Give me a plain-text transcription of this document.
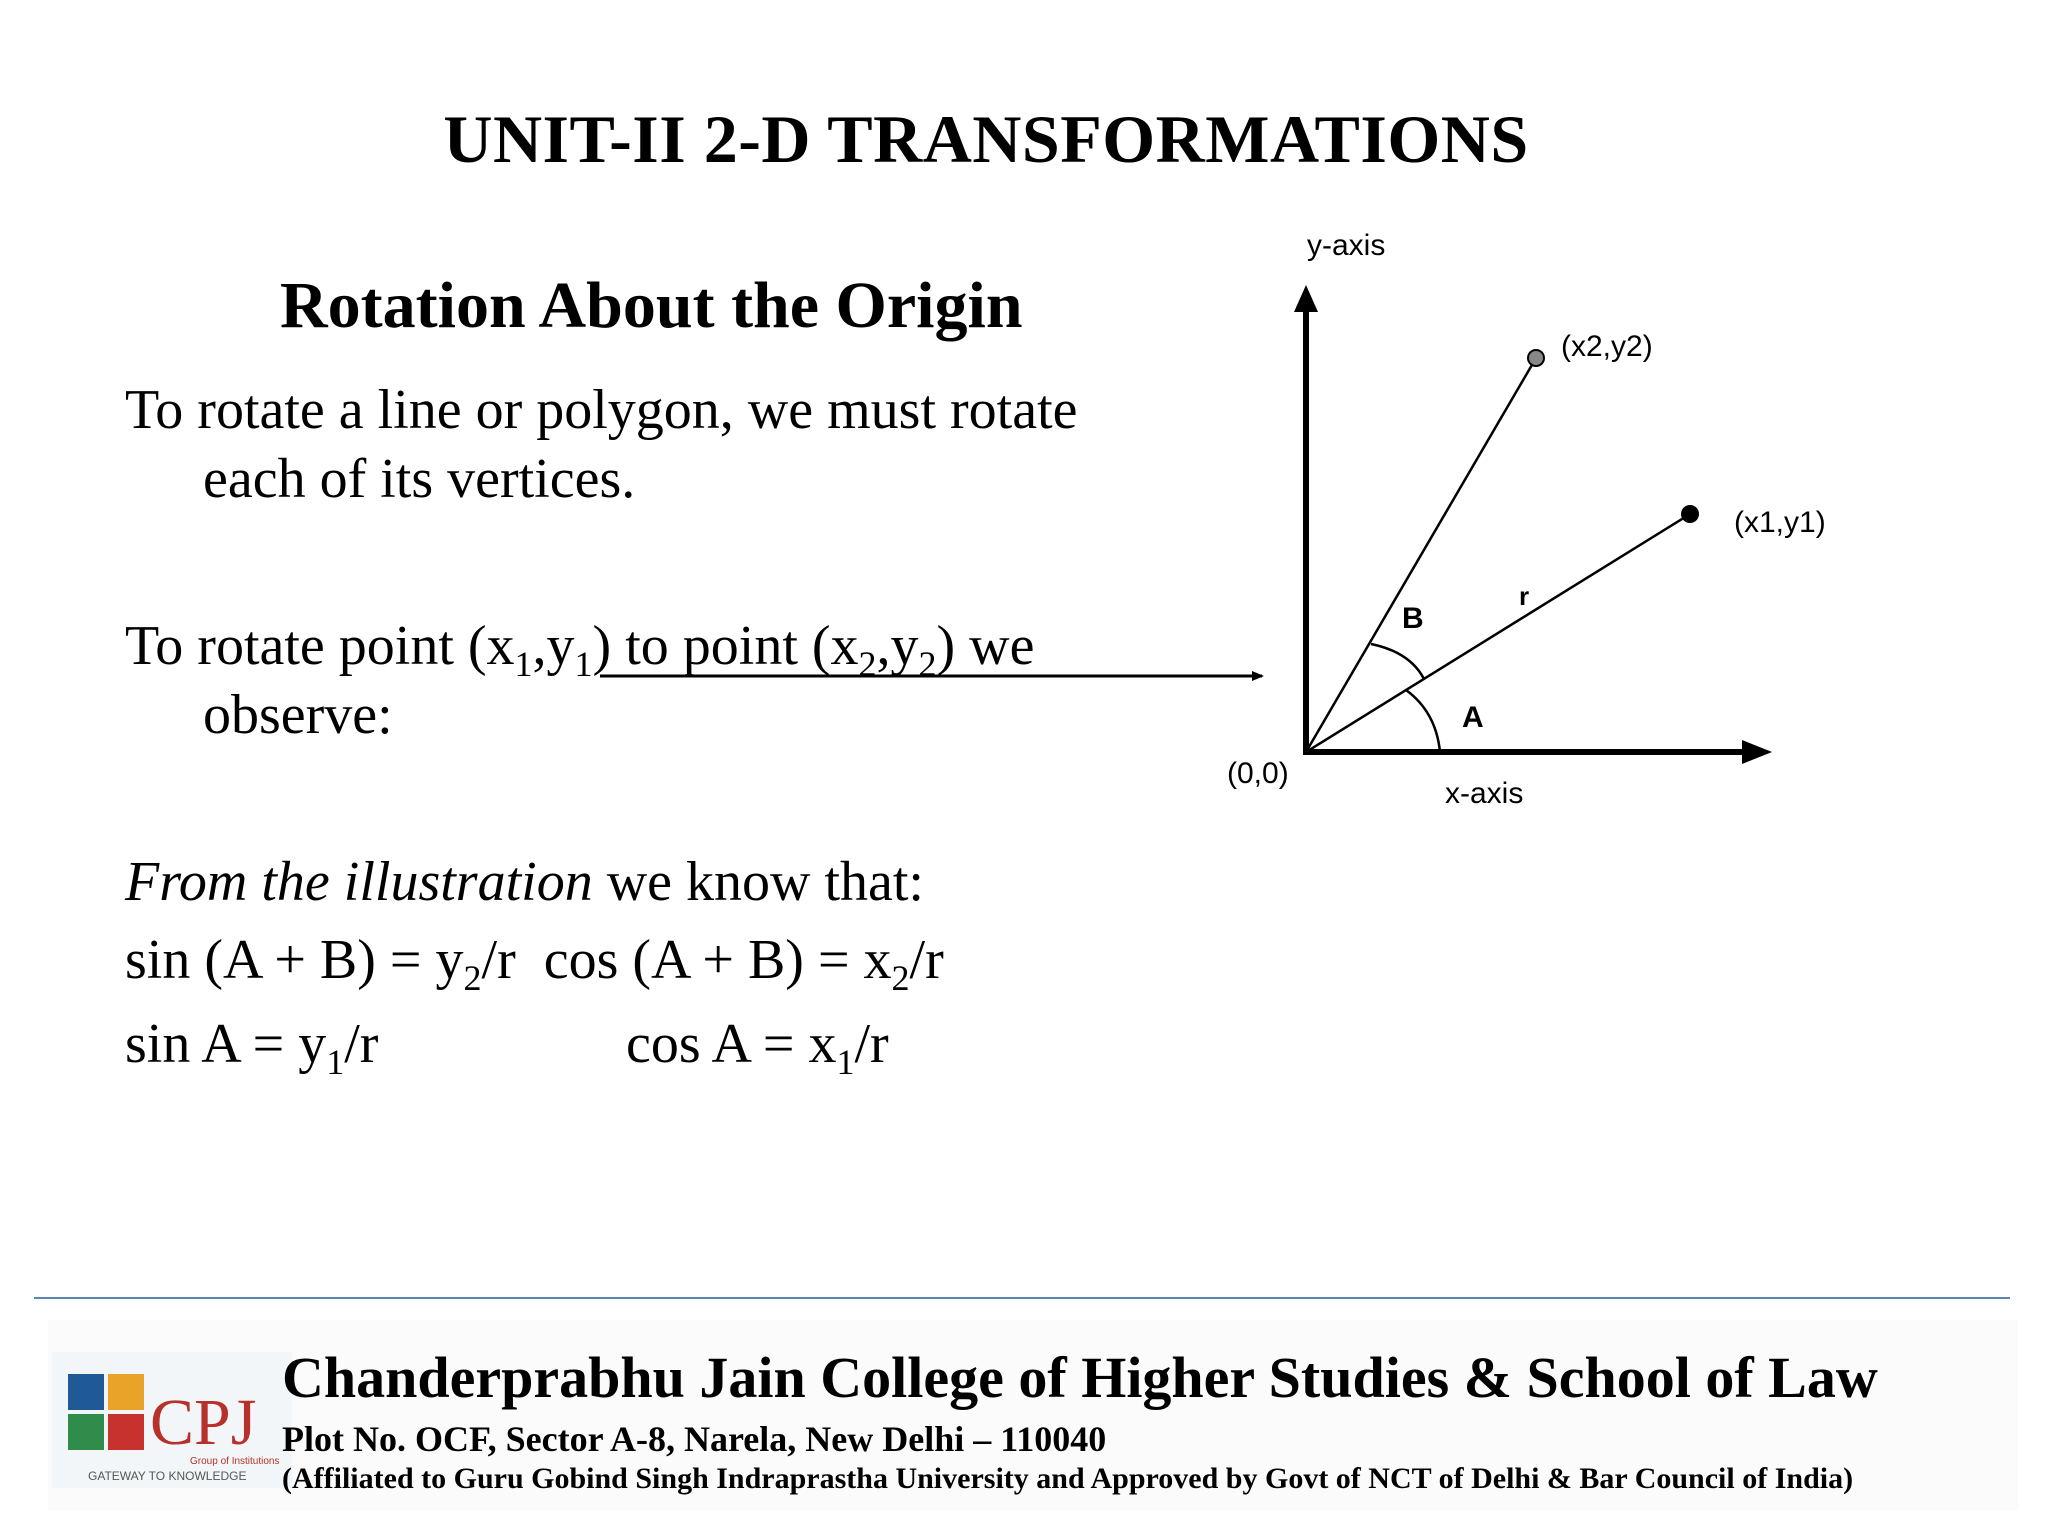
UNIT-II 2-D TRANSFORMATIONS
Rotation About the Origin
To rotate a line or polygon, we must rotate
each of its vertices.
To rotate point $(x_1,y_1)$ to point $(x_2,y_2)$ we
observe:
From the illustration we know that:
$\sin (A + B) = y_2/r$  $\cos (A + B) = x_2/r$
$\sin A = y_1/r$	$\cos A = x_1/r$
y-axis
x-axis
(0,0)
(x2,y2)
(x1,y1)
B
A
r
CPJ
Group of Institutions
GATEWAY TO KNOWLEDGE
Chanderprabhu Jain College of Higher Studies & School of Law
Plot No. OCF, Sector A-8, Narela, New Delhi – 110040
(Affiliated to Guru Gobind Singh Indraprastha University and Approved by Govt of NCT of Delhi & Bar Council of India)
